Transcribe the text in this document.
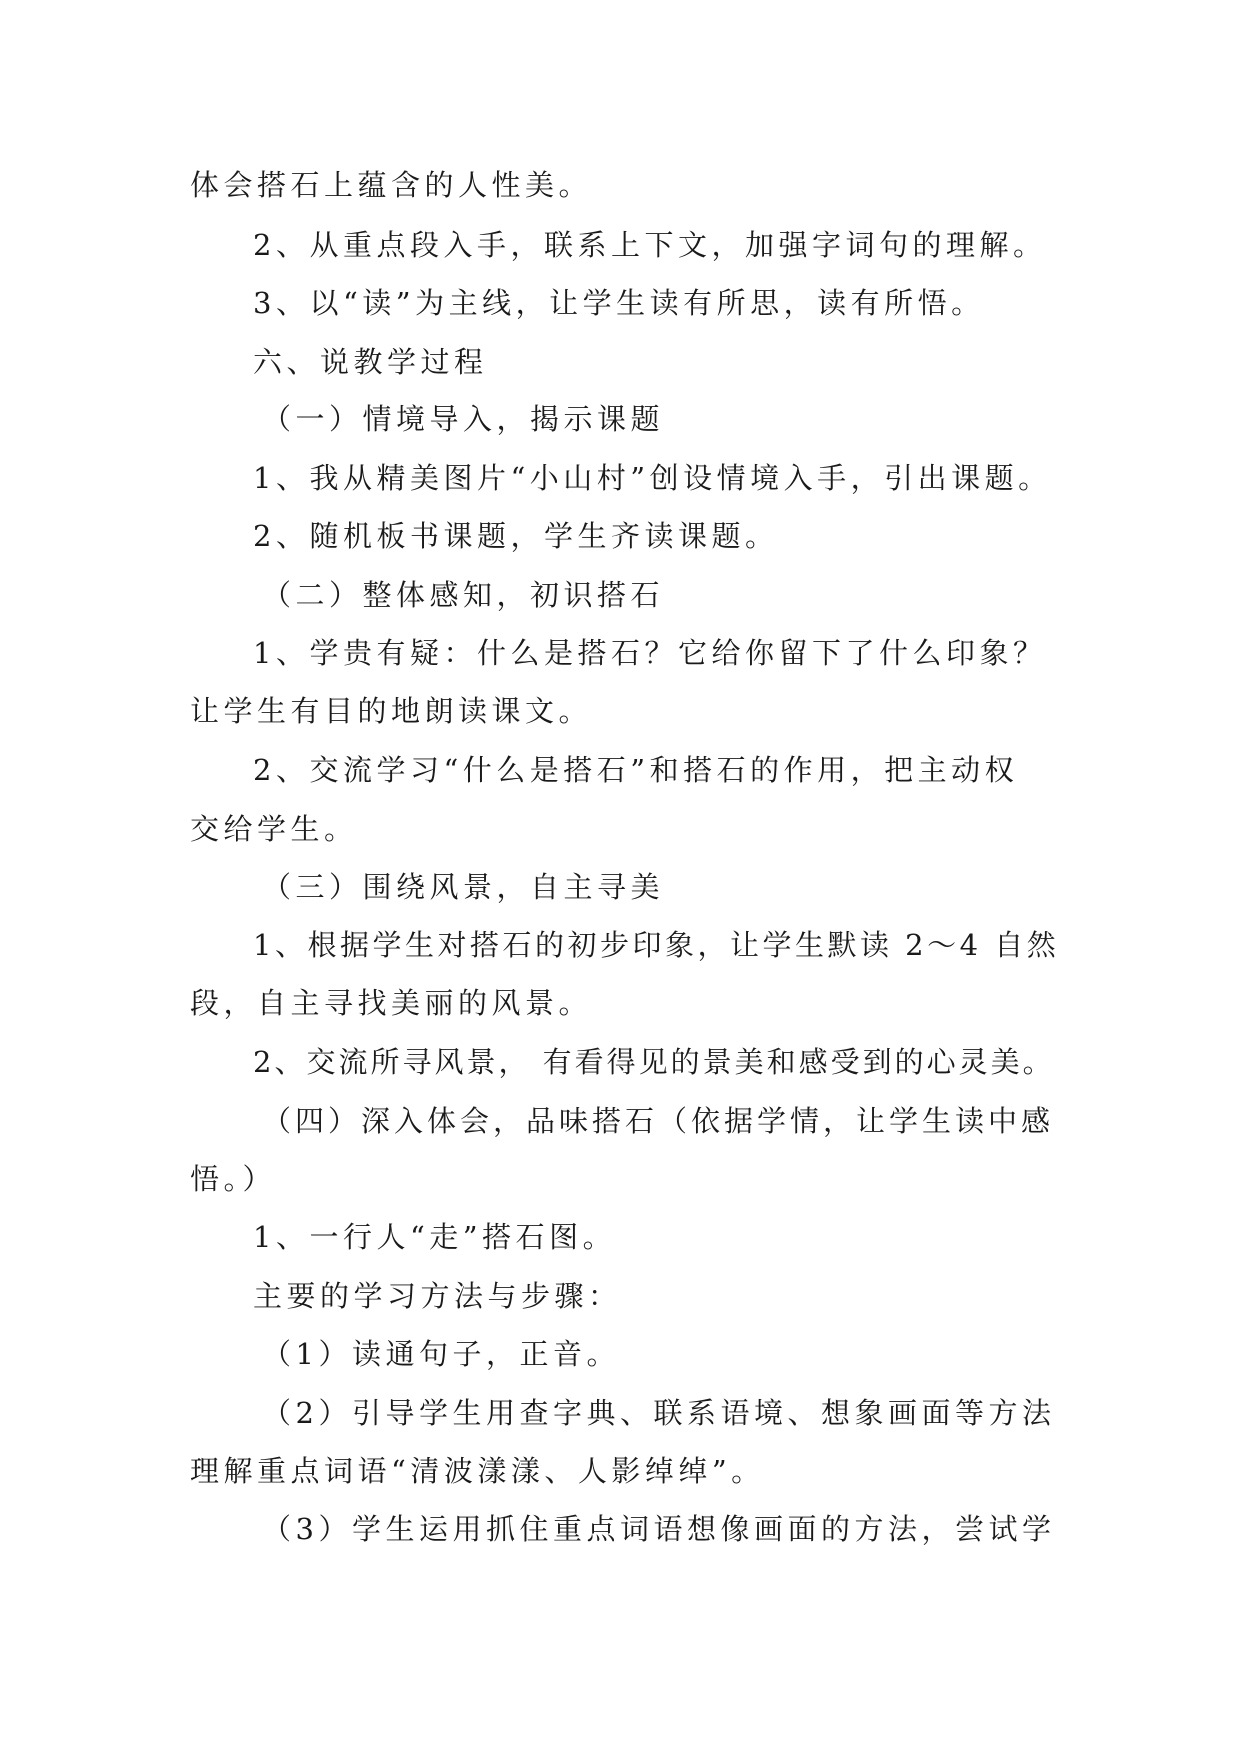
体会搭石上蕴含的人性美。
2、从重点段入手，联系上下文，加强字词句的理解。
3、以“读”为主线，让学生读有所思，读有所悟。
六、说教学过程
（一）情境导入，揭示课题
1、我从精美图片“小山村”创设情境入手，引出课题。
2、随机板书课题，学生齐读课题。
（二）整体感知，初识搭石
1、学贵有疑：什么是搭石？它给你留下了什么印象？
让学生有目的地朗读课文。
2、交流学习“什么是搭石”和搭石的作用，把主动权
交给学生。
（三）围绕风景，自主寻美
1、根据学生对搭石的初步印象，让学生默读 2～4 自然
段，自主寻找美丽的风景。
2、交流所寻风景， 有看得见的景美和感受到的心灵美。
（四）深入体会，品味搭石（依据学情，让学生读中感
悟。）
1、一行人“走”搭石图。
主要的学习方法与步骤：
（1）读通句子，正音。
（2）引导学生用查字典、联系语境、想象画面等方法
理解重点词语“清波漾漾、人影绰绰”。
（3）学生运用抓住重点词语想像画面的方法，尝试学
